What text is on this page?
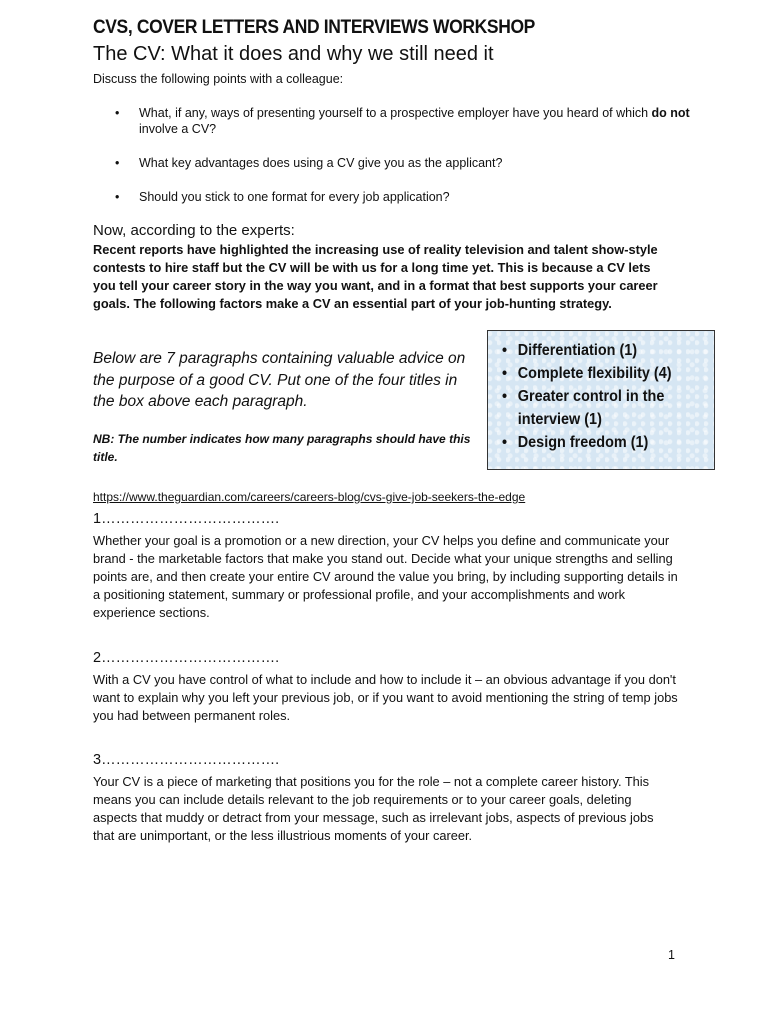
CVS, COVER LETTERS AND INTERVIEWS WORKSHOP
The CV: What it does and why we still need it
Discuss the following points with a colleague:
• What, if any, ways of presenting yourself to a prospective employer have you heard of which do not involve a CV?
• What key advantages does using a CV give you as the applicant?
• Should you stick to one format for every job application?
Now, according to the experts:
Recent reports have highlighted the increasing use of reality television and talent show-style contests to hire staff but the CV will be with us for a long time yet. This is because a CV lets you tell your career story in the way you want, and in a format that best supports your career goals. The following factors make a CV an essential part of your job-hunting strategy.
Below are 7 paragraphs containing valuable advice on the purpose of a good CV. Put one of the four titles in the box above each paragraph.
NB: The number indicates how many paragraphs should have this title.
• Differentiation (1)
• Complete flexibility (4)
• Greater control in the interview (1)
• Design freedom (1)
https://www.theguardian.com/careers/careers-blog/cvs-give-job-seekers-the-edge
1……………………………….
Whether your goal is a promotion or a new direction, your CV helps you define and communicate your brand - the marketable factors that make you stand out. Decide what your unique strengths and selling points are, and then create your entire CV around the value you bring, by including supporting details in a positioning statement, summary or professional profile, and your accomplishments and work experience sections.
2……………………………….
With a CV you have control of what to include and how to include it – an obvious advantage if you don't want to explain why you left your previous job, or if you want to avoid mentioning the string of temp jobs you had between permanent roles.
3……………………………….
Your CV is a piece of marketing that positions you for the role – not a complete career history. This means you can include details relevant to the job requirements or to your career goals, deleting aspects that muddy or detract from your message, such as irrelevant jobs, aspects of previous jobs that are unimportant, or the less illustrious moments of your career.
1
